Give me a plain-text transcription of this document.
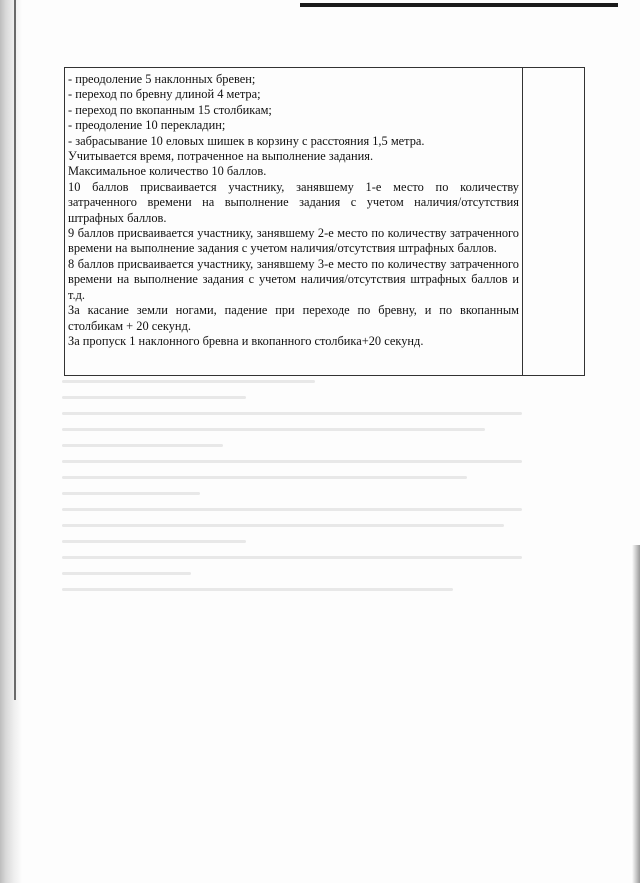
- преодоление 5 наклонных бревен;
- переход по бревну длиной 4 метра;
- переход по вкопанным 15 столбикам;
- преодоление 10 перекладин;
- забрасывание 10 еловых шишек в корзину с расстояния 1,5 метра.
Учитывается время, потраченное на выполнение задания.
Максимальное количество 10 баллов.
10 баллов присваивается участнику, занявшему 1-е место по количеству затраченного времени на выполнение задания с учетом наличия/отсутствия штрафных баллов.
9 баллов присваивается участнику, занявшему 2-е место по количеству затраченного времени на выполнение задания с учетом наличия/отсутствия штрафных баллов.
8 баллов присваивается участнику, занявшему 3-е место по количеству затраченного времени на выполнение задания с учетом наличия/отсутствия штрафных баллов и т.д.
За касание земли ногами, падение при переходе по бревну, и по вкопанным столбикам + 20 секунд.
За пропуск 1 наклонного бревна и вкопанного столбика+20 секунд.
